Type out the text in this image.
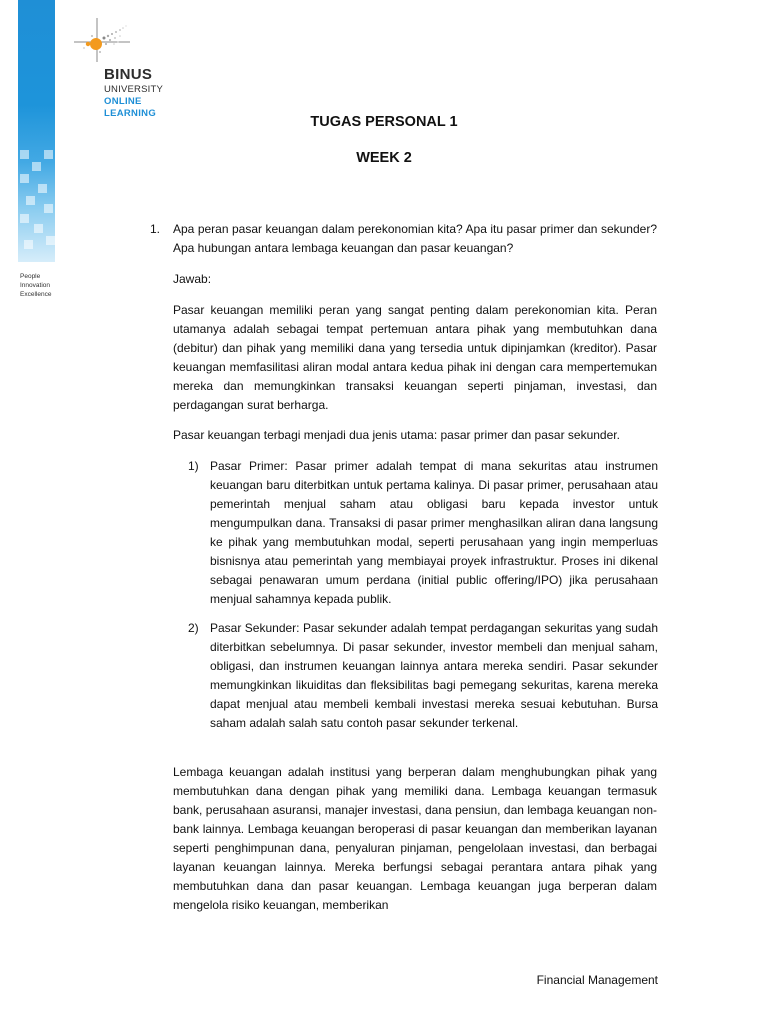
People
Innovation
Excellence
BINUS
UNIVERSITY
ONLINE
LEARNING
TUGAS PERSONAL 1
WEEK 2
1. Apa peran pasar keuangan dalam perekonomian kita? Apa itu pasar primer dan sekunder? Apa hubungan antara lembaga keuangan dan pasar keuangan?
Jawab:
Pasar keuangan memiliki peran yang sangat penting dalam perekonomian kita. Peran utamanya adalah sebagai tempat pertemuan antara pihak yang membutuhkan dana (debitur) dan pihak yang memiliki dana yang tersedia untuk dipinjamkan (kreditor). Pasar keuangan memfasilitasi aliran modal antara kedua pihak ini dengan cara mempertemukan mereka dan memungkinkan transaksi keuangan seperti pinjaman, investasi, dan perdagangan surat berharga.
Pasar keuangan terbagi menjadi dua jenis utama: pasar primer dan pasar sekunder.
1) Pasar Primer: Pasar primer adalah tempat di mana sekuritas atau instrumen keuangan baru diterbitkan untuk pertama kalinya. Di pasar primer, perusahaan atau pemerintah menjual saham atau obligasi baru kepada investor untuk mengumpulkan dana. Transaksi di pasar primer menghasilkan aliran dana langsung ke pihak yang membutuhkan modal, seperti perusahaan yang ingin memperluas bisnisnya atau pemerintah yang membiayai proyek infrastruktur. Proses ini dikenal sebagai penawaran umum perdana (initial public offering/IPO) jika perusahaan menjual sahamnya kepada publik.
2) Pasar Sekunder: Pasar sekunder adalah tempat perdagangan sekuritas yang sudah diterbitkan sebelumnya. Di pasar sekunder, investor membeli dan menjual saham, obligasi, dan instrumen keuangan lainnya antara mereka sendiri. Pasar sekunder memungkinkan likuiditas dan fleksibilitas bagi pemegang sekuritas, karena mereka dapat menjual atau membeli kembali investasi mereka sesuai kebutuhan. Bursa saham adalah salah satu contoh pasar sekunder terkenal.
Lembaga keuangan adalah institusi yang berperan dalam menghubungkan pihak yang membutuhkan dana dengan pihak yang memiliki dana. Lembaga keuangan termasuk bank, perusahaan asuransi, manajer investasi, dana pensiun, dan lembaga keuangan non-bank lainnya. Lembaga keuangan beroperasi di pasar keuangan dan memberikan layanan seperti penghimpunan dana, penyaluran pinjaman, pengelolaan investasi, dan berbagai layanan keuangan lainnya. Mereka berfungsi sebagai perantara antara pihak yang membutuhkan dana dan pasar keuangan. Lembaga keuangan juga berperan dalam mengelola risiko keuangan, memberikan
Financial Management
